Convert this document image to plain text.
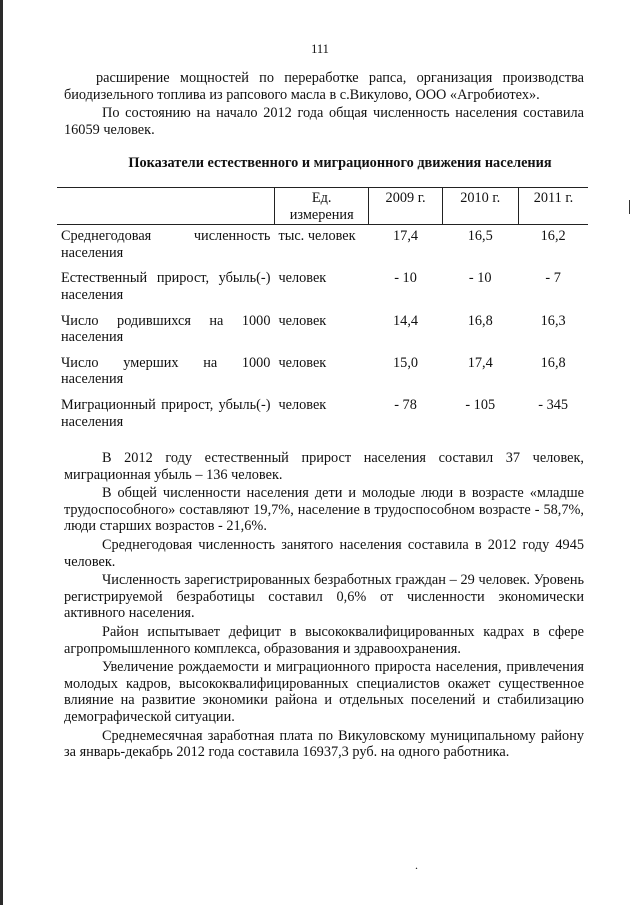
111

расширение мощностей по переработке рапса, организация производства биодизельного топлива из рапсового масла в с.Викулово, ООО «Агробиотех».

По состоянию на начало 2012 года общая численность населения составила 16059 человек.

Показатели естественного и миграционного движения населения
	Ед. измерения	2009 г.	2010 г.	2011 г.
Среднегодовая численность населения	тыс. человек	17,4	16,5	16,2
Естественный прирост, убыль(-) населения	человек	- 10	- 10	- 7
Число родившихся на 1000 населения	человек	14,4	16,8	16,3
Число умерших на 1000 населения	человек	15,0	17,4	16,8
Миграционный прирост, убыль(-) населения	человек	- 78	- 105	- 345

В 2012 году естественный прирост населения составил 37 человек, миграционная убыль – 136 человек.

В общей численности населения дети и молодые люди в возрасте «младше трудоспособного» составляют 19,7%, население в трудоспособном возрасте - 58,7%, люди старших возрастов - 21,6%.

Среднегодовая численность занятого населения составила в 2012 году 4945 человек.

Численность зарегистрированных безработных граждан – 29 человек. Уровень регистрируемой безработицы составил 0,6% от численности экономически активного населения.

Район испытывает дефицит в высококвалифицированных кадрах в сфере агропромышленного комплекса, образования и здравоохранения.

Увеличение рождаемости и миграционного прироста населения, привлечения молодых кадров, высококвалифицированных специалистов окажет существенное влияние на развитие экономики района и отдельных поселений и стабилизацию демографической ситуации.

Среднемесячная заработная плата по Викуловскому муниципальному району за январь-декабрь 2012 года составила 16937,3 руб. на одного работника.

.
